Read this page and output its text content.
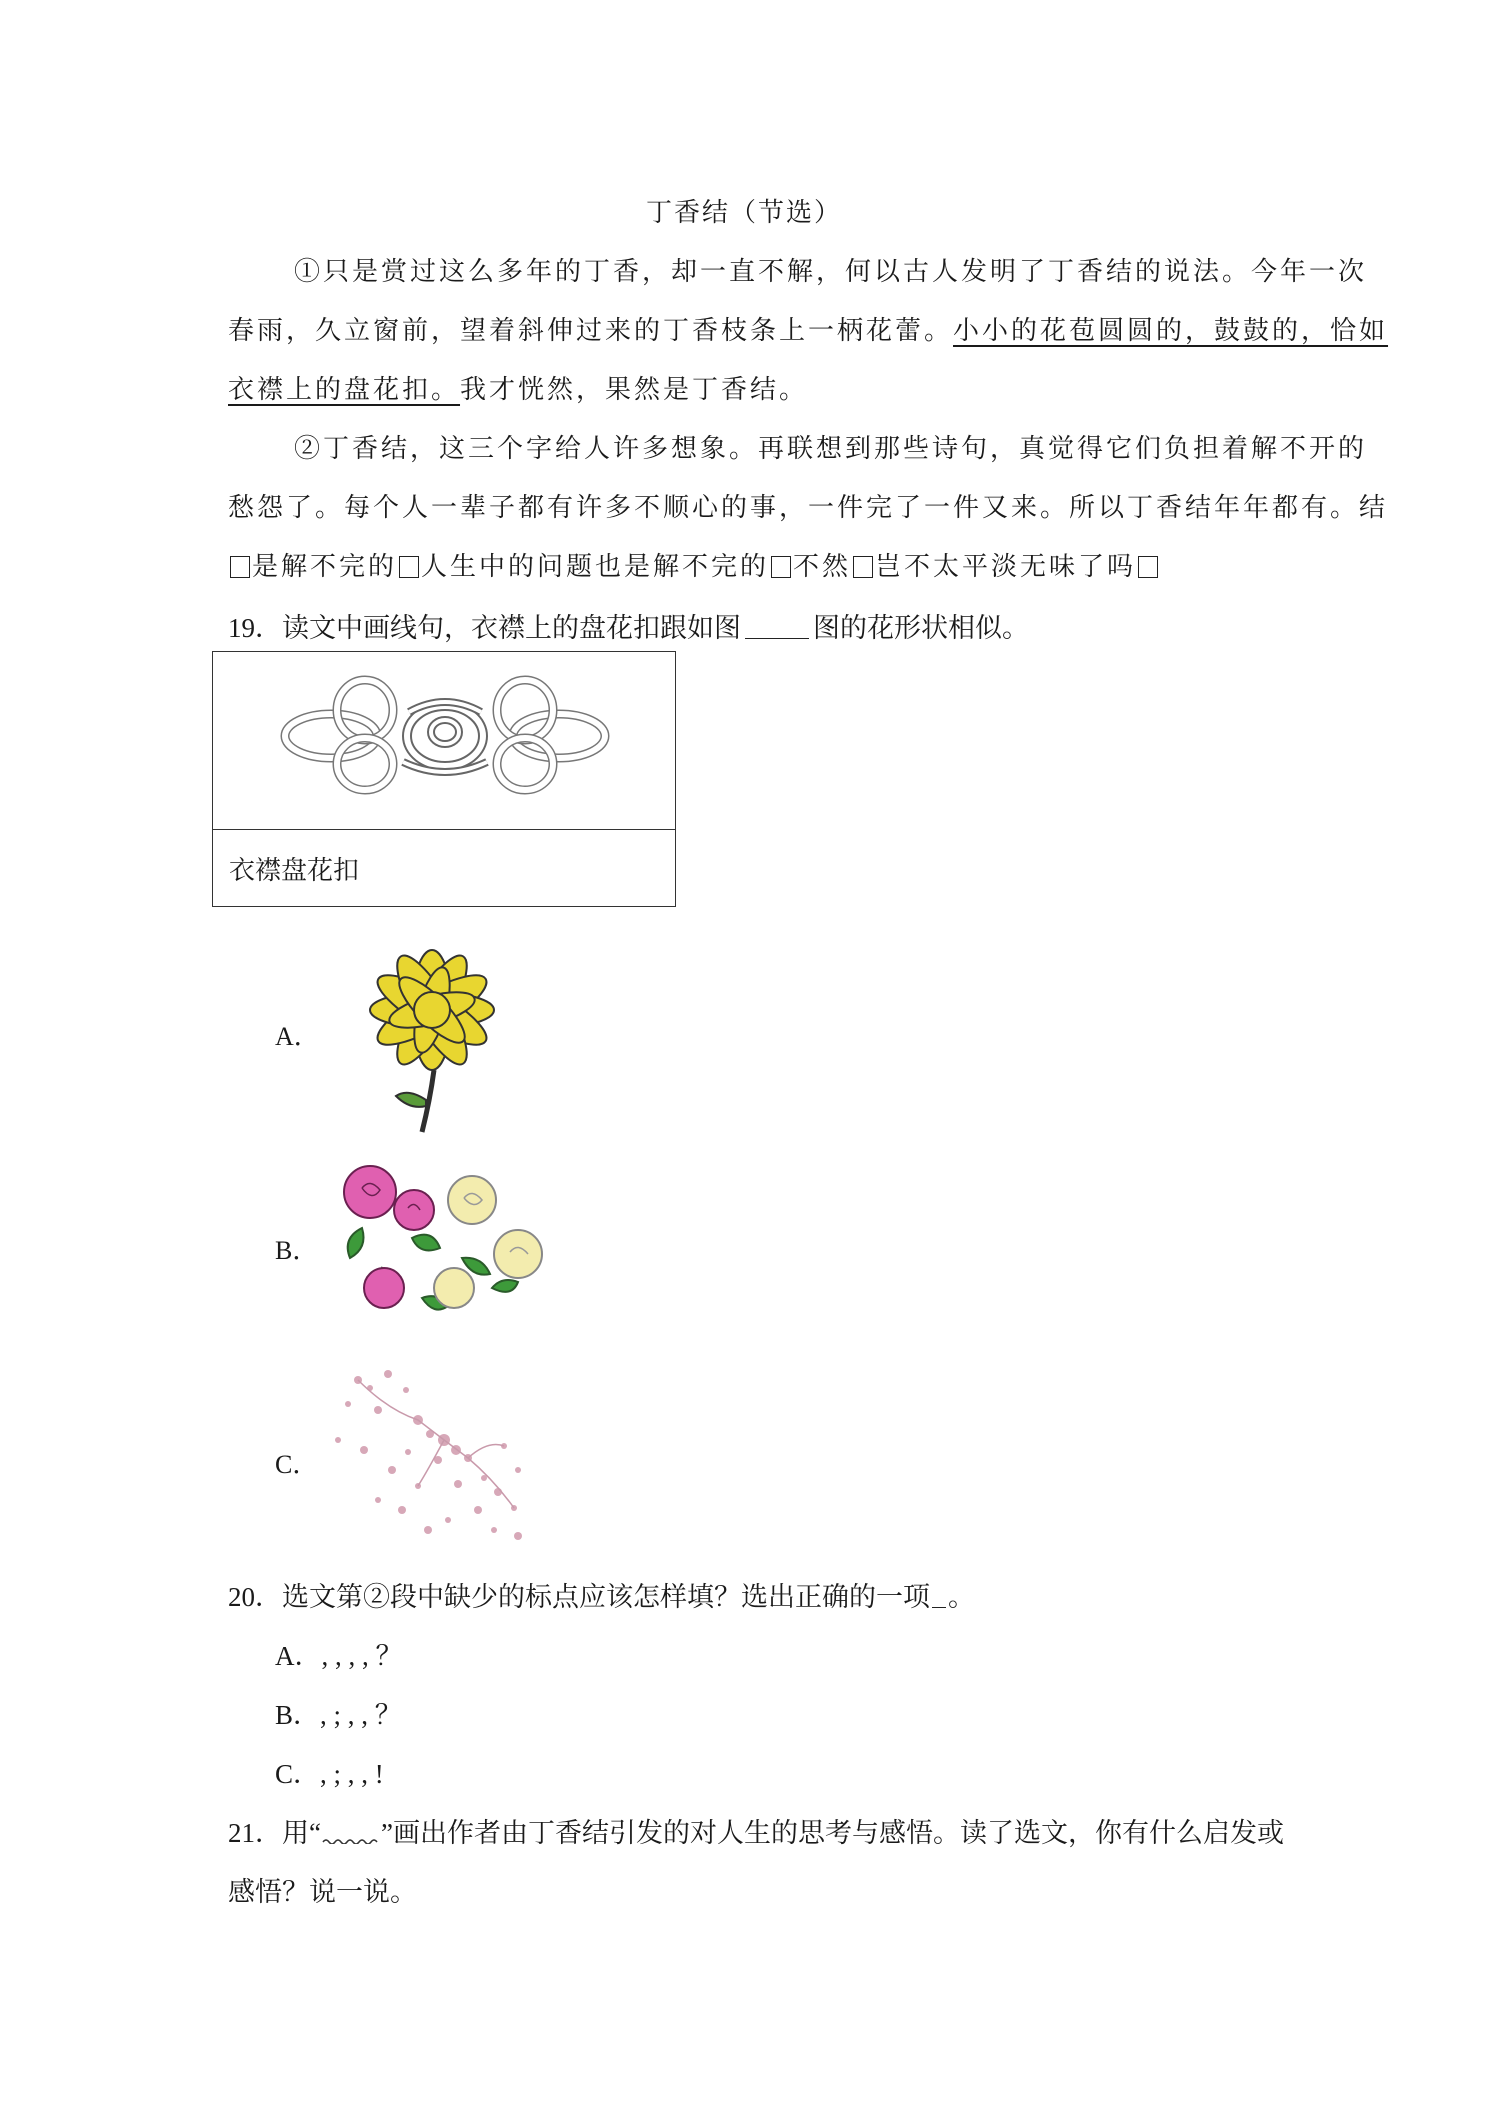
丁香结（节选）
①只是赏过这么多年的丁香，却一直不解，何以古人发明了丁香结的说法。今年一次
春雨，久立窗前，望着斜伸过来的丁香枝条上一柄花蕾。小小的花苞圆圆的，鼓鼓的，恰如
衣襟上的盘花扣。我才恍然，果然是丁香结。
②丁香结，这三个字给人许多想象。再联想到那些诗句，真觉得它们负担着解不开的
愁怨了。每个人一辈子都有许多不顺心的事，一件完了一件又来。所以丁香结年年都有。结
是解不完的 人生中的问题也是解不完的 不然 岂不太平淡无味了吗
19．读文中画线句，衣襟上的盘花扣跟如图	图的花形状相似。
衣襟盘花扣
A．
B．
C．
20．选文第②段中缺少的标点应该怎样填？选出正确的一项 。
A．, , , , ？
B．, ; , , ？
C．, ; , , !
21．用“ ”画出作者由丁香结引发的对人生的思考与感悟。读了选文，你有什么启发或
感悟？说一说。
